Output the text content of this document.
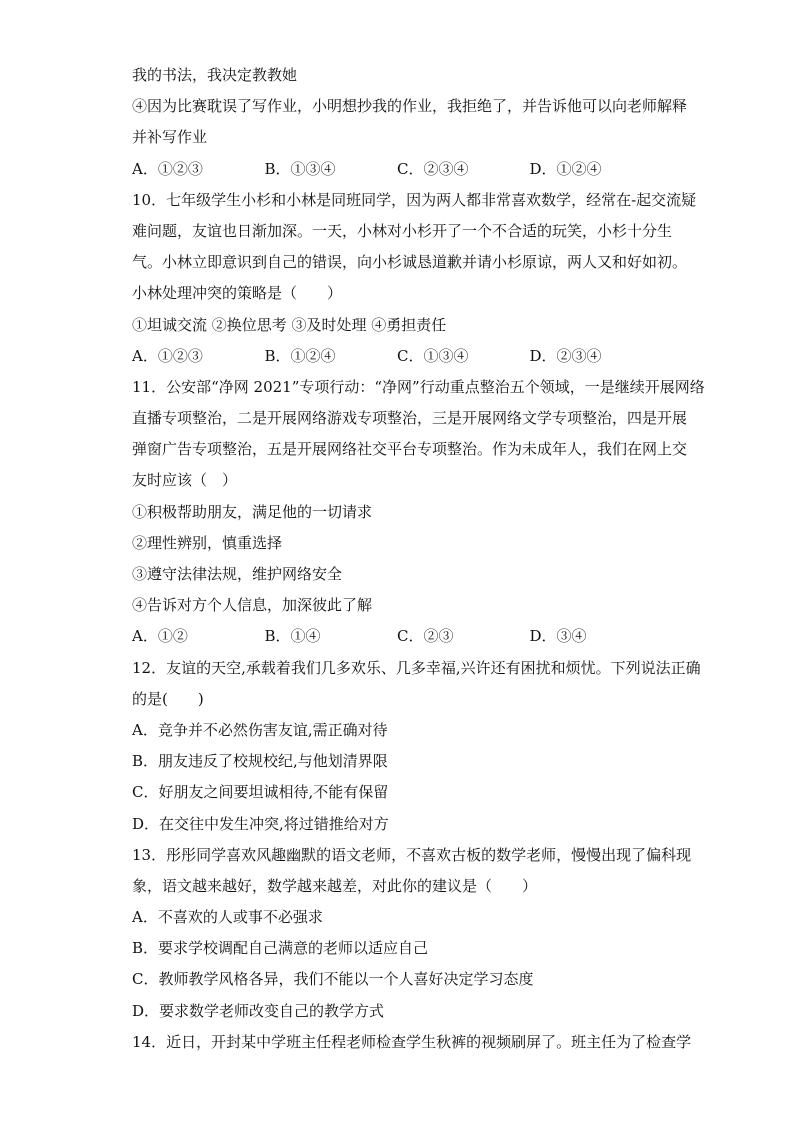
我的书法，我决定教教她
④因为比赛耽误了写作业，小明想抄我的作业，我拒绝了，并告诉他可以向老师解释
并补写作业
A．①②③	B．①③④	C．②③④	D．①②④
10．七年级学生小杉和小林是同班同学，因为两人都非常喜欢数学，经常在-起交流疑
难问题，友谊也日渐加深。一天，小林对小杉开了一个不合适的玩笑，小杉十分生
气。小林立即意识到自己的错误，向小杉诚恳道歉并请小杉原谅，两人又和好如初。
小林处理冲突的策略是（　　）
①坦诚交流 ②换位思考 ③及时处理 ④勇担责任
A．①②③	B．①②④	C．①③④	D．②③④
11．公安部“净网 2021”专项行动：“净网”行动重点整治五个领域，一是继续开展网络
直播专项整治，二是开展网络游戏专项整治，三是开展网络文学专项整治，四是开展
弹窗广告专项整治，五是开展网络社交平台专项整治。作为未成年人，我们在网上交
友时应该（　）
①积极帮助朋友，满足他的一切请求
②理性辨别，慎重选择
③遵守法律法规，维护网络安全
④告诉对方个人信息，加深彼此了解
A．①②	B．①④	C．②③	D．③④
12．友谊的天空,承载着我们几多欢乐、几多幸福,兴许还有困扰和烦忧。下列说法正确
的是(　　)
A．竞争并不必然伤害友谊,需正确对待
B．朋友违反了校规校纪,与他划清界限
C．好朋友之间要坦诚相待,不能有保留
D．在交往中发生冲突,将过错推给对方
13．彤彤同学喜欢风趣幽默的语文老师，不喜欢古板的数学老师，慢慢出现了偏科现
象，语文越来越好，数学越来越差，对此你的建议是（　　）
A．不喜欢的人或事不必强求
B．要求学校调配自己满意的老师以适应自己
C．教师教学风格各异，我们不能以一个人喜好决定学习态度
D．要求数学老师改变自己的教学方式
14．近日，开封某中学班主任程老师检查学生秋裤的视频刷屏了。班主任为了检查学
